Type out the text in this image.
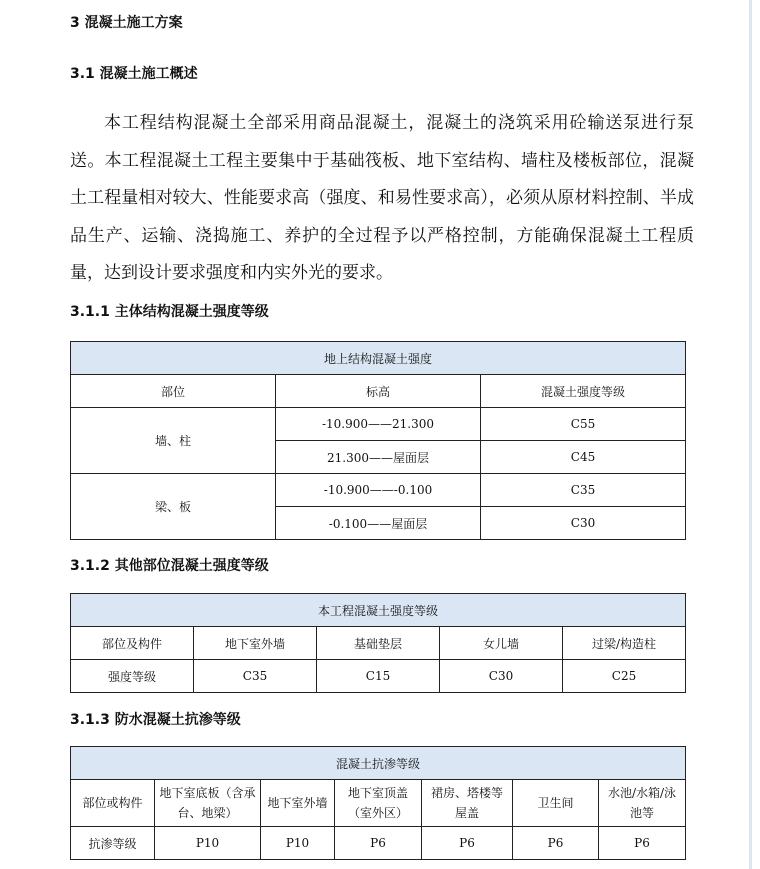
3 混凝土施工方案
3.1 混凝土施工概述

本工程结构混凝土全部采用商品混凝土，混凝土的浇筑采用砼输送泵进行泵送。本工程混凝土工程主要集中于基础筏板、地下室结构、墙柱及楼板部位，混凝土工程量相对较大、性能要求高（强度、和易性要求高），必须从原材料控制、半成品生产、运输、浇捣施工、养护的全过程予以严格控制，方能确保混凝土工程质量，达到设计要求强度和内实外光的要求。

3.1.1 主体结构混凝土强度等级
地上结构混凝土强度		
部位	标高	混凝土强度等级
墙、柱	-10.900——21.300	C55
	21.300——屋面层	C45
梁、板	-10.900——-0.100	C35
	-0.100——屋面层	C30
3.1.2 其他部位混凝土强度等级
本工程混凝土强度等级				
部位及构件	地下室外墙	基础垫层	女儿墙	过梁/构造柱
强度等级	C35	C15	C30	C25
3.1.3 防水混凝土抗渗等级
混凝土抗渗等级						
部位或构件	地下室底板（含承台、地梁）	地下室外墙	地下室顶盖（室外区）	裙房、塔楼等屋盖	卫生间	水池/水箱/泳池等
抗渗等级	P10	P10	P6	P6	P6	P6
